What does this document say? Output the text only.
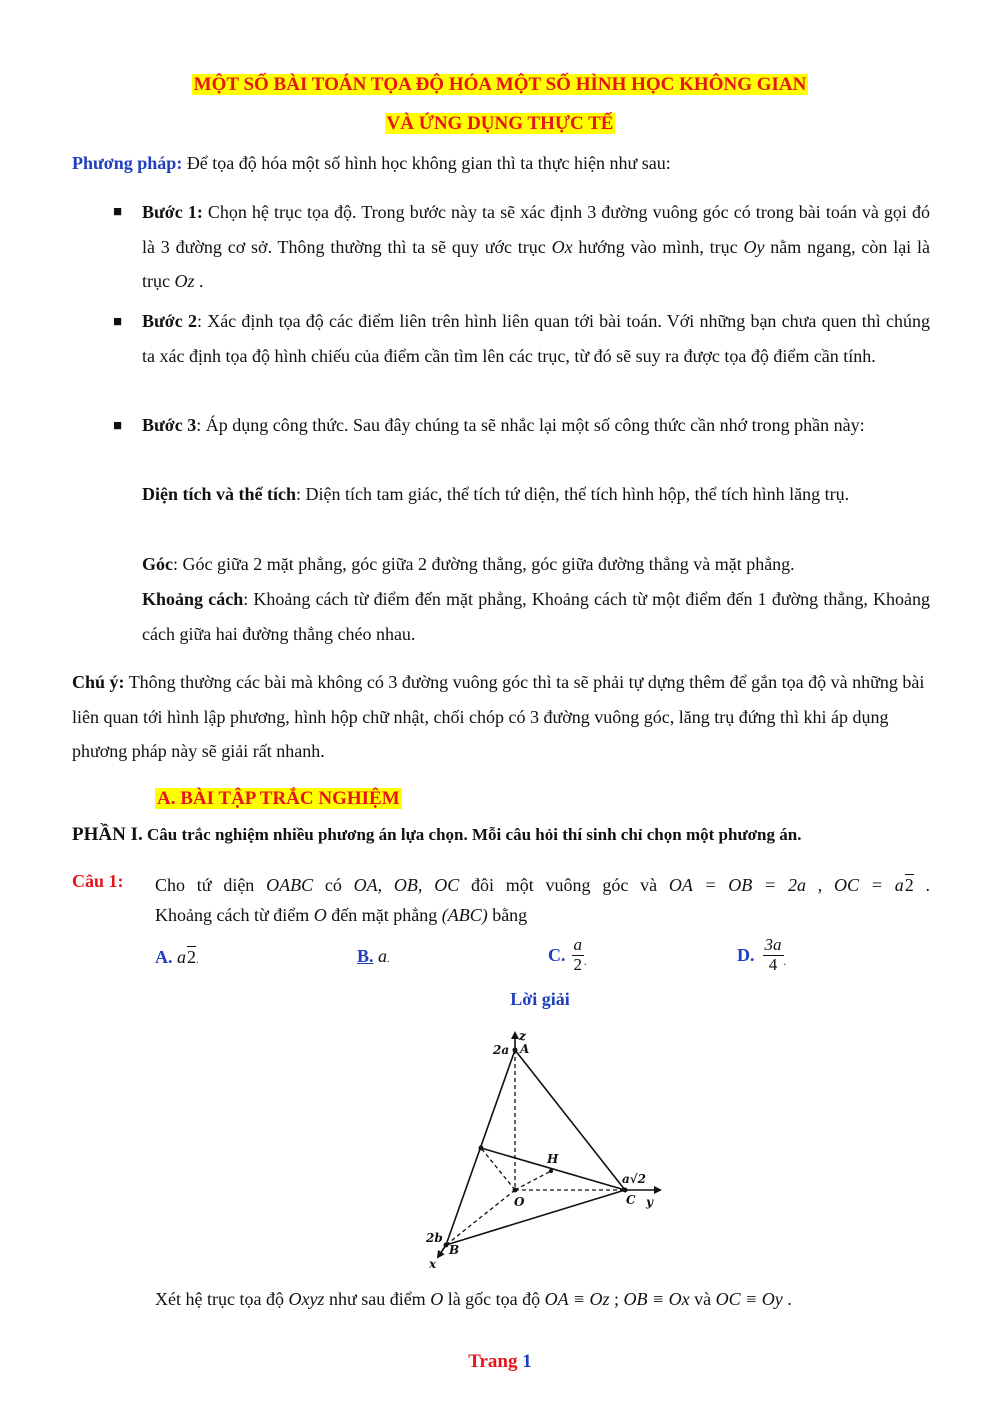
MỘT SỐ BÀI TOÁN TỌA ĐỘ HÓA MỘT SỐ HÌNH HỌC KHÔNG GIAN
VÀ ỨNG DỤNG THỰC TẾ
Phương pháp: Để tọa độ hóa một số hình học không gian thì ta thực hiện như sau:
■ Bước 1: Chọn hệ trục tọa độ. Trong bước này ta sẽ xác định 3 đường vuông góc có trong bài toán và gọi đó là 3 đường cơ sở. Thông thường thì ta sẽ quy ước trục Ox hướng vào mình, trục Oy nằm ngang, còn lại là trục Oz .
■ Bước 2: Xác định tọa độ các điểm liên trên hình liên quan tới bài toán. Với những bạn chưa quen thì chúng ta xác định tọa độ hình chiếu của điểm cần tìm lên các trục, từ đó sẽ suy ra được tọa độ điểm cần tính.
■ Bước 3: Áp dụng công thức. Sau đây chúng ta sẽ nhắc lại một số công thức cần nhớ trong phần này:
Diện tích và thể tích: Diện tích tam giác, thể tích tứ diện, thể tích hình hộp, thể tích hình lăng trụ.
Góc: Góc giữa 2 mặt phẳng, góc giữa 2 đường thẳng, góc giữa đường thẳng và mặt phẳng.
Khoảng cách: Khoảng cách từ điểm đến mặt phẳng, Khoảng cách từ một điểm đến 1 đường thẳng, Khoảng cách giữa hai đường thẳng chéo nhau.
Chú ý: Thông thường các bài mà không có 3 đường vuông góc thì ta sẽ phải tự dựng thêm để gắn tọa độ và những bài liên quan tới hình lập phương, hình hộp chữ nhật, chối chóp có 3 đường vuông góc, lăng trụ đứng thì khi áp dụng phương pháp này sẽ giải rất nhanh.
A. BÀI TẬP TRẮC NGHIỆM
PHẦN I. Câu trắc nghiệm nhiều phương án lựa chọn. Mỗi câu hỏi thí sinh chỉ chọn một phương án.
Câu 1: Cho tứ diện OABC có OA, OB, OC đôi một vuông góc và OA = OB = 2a , OC = a2 .
Khoảng cách từ điểm O đến mặt phẳng (ABC) bằng
A. a2.	B. a.	C. $\frac{a}{2}$ .	D. $\frac{3a}{4}$ .
Lời giải
z
A
2a
H
O
a√2
C y
2b
B
x
Xét hệ trục tọa độ Oxyz như sau điểm O là gốc tọa độ OA ≡ Oz ; OB ≡ Ox và OC ≡ Oy .
Trang 1
